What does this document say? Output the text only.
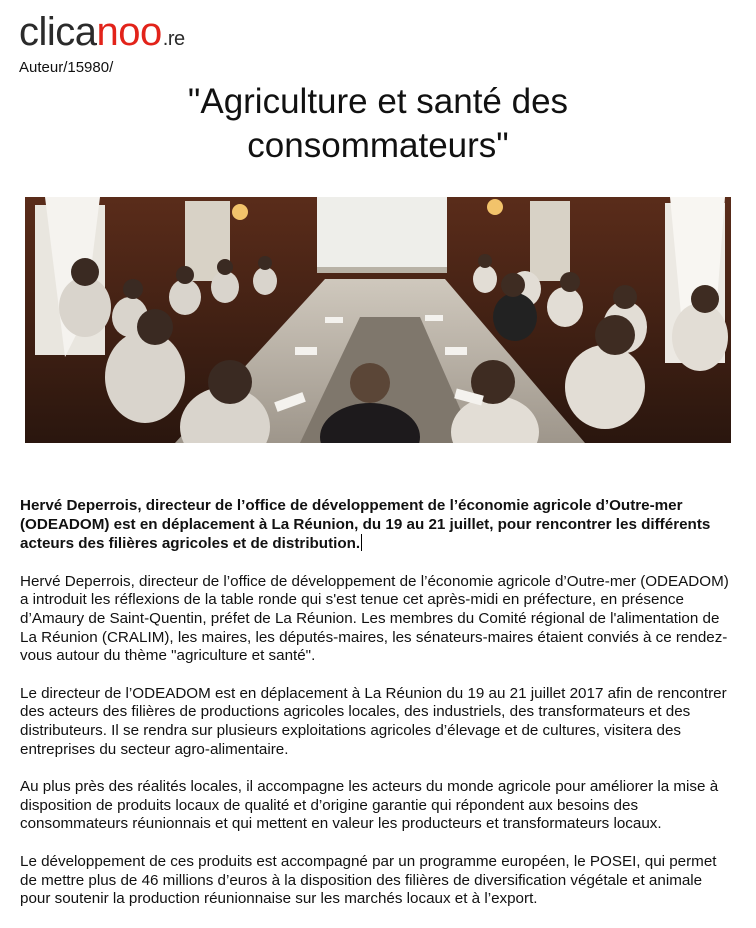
clica noo .re
Auteur/15980/
"Agriculture et santé des consommateurs"

Hervé Deperrois, directeur de l’office de développement de l’économie agricole d’Outre-mer (ODEADOM) est en déplacement à La Réunion, du 19 au 21 juillet, pour rencontrer les différents acteurs des filières agricoles et de distribution.

Hervé Deperrois, directeur de l’office de développement de l’économie agricole d’Outre-mer (ODEADOM) a introduit les réflexions de la table ronde qui s'est tenue cet après-midi en préfecture, en présence d’Amaury de Saint-Quentin, préfet de La Réunion. Les membres du Comité régional de l'alimentation de La Réunion (CRALIM), les maires, les députés-maires, les sénateurs-maires étaient conviés à ce rendez-vous autour du thème "agriculture et santé".

Le directeur de l’ODEADOM est en déplacement à La Réunion du 19 au 21 juillet 2017 afin de rencontrer des acteurs des filières de productions agricoles locales, des industriels, des transformateurs et des distributeurs. Il se rendra sur plusieurs exploitations agricoles d’élevage et de cultures, visitera des entreprises du secteur agro-alimentaire.

Au plus près des réalités locales, il accompagne les acteurs du monde agricole pour améliorer la mise à disposition de produits locaux de qualité et d’origine garantie qui répondent aux besoins des consommateurs réunionnais et qui mettent en valeur les producteurs et transformateurs locaux.

Le développement de ces produits est accompagné par un programme européen, le POSEI, qui permet de mettre plus de 46 millions d’euros à la disposition des filières de diversification végétale et animale pour soutenir la production réunionnaise sur les marchés locaux et à l’export.
